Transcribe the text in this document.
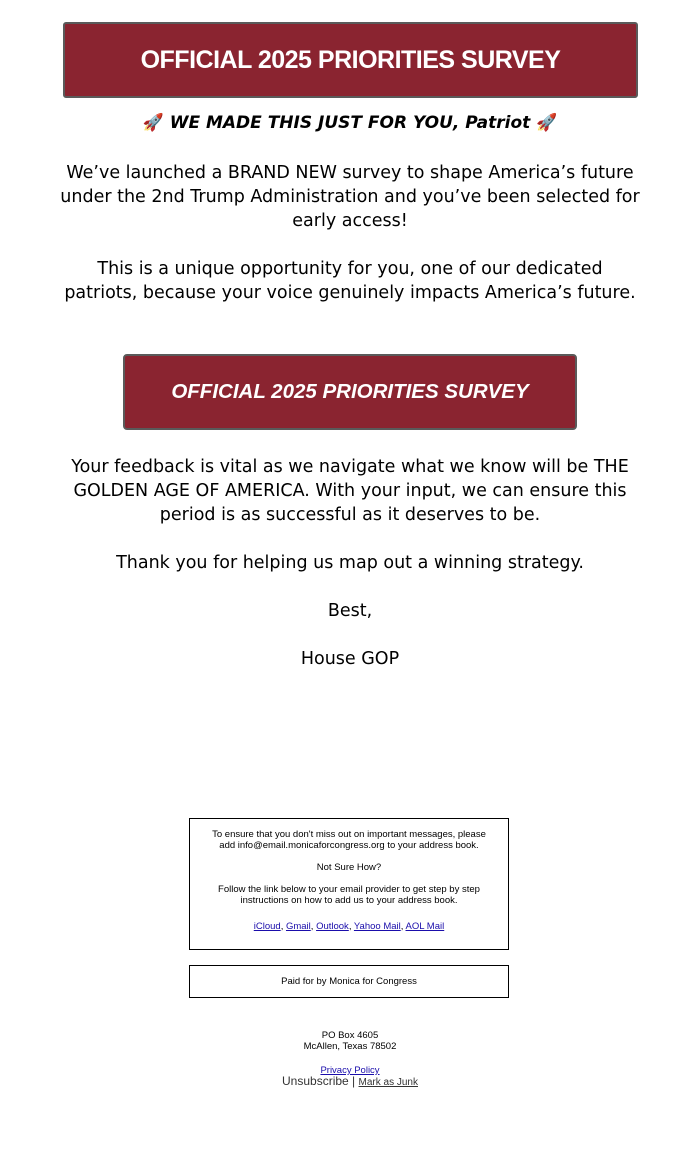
OFFICIAL 2025 PRIORITIES SURVEY
🚀 WE MADE THIS JUST FOR YOU, Patriot 🚀
We’ve launched a BRAND NEW survey to shape America’s future under the 2nd Trump Administration and you’ve been selected for early access!
This is a unique opportunity for you, one of our dedicated patriots, because your voice genuinely impacts America’s future.
OFFICIAL 2025 PRIORITIES SURVEY
Your feedback is vital as we navigate what we know will be THE GOLDEN AGE OF AMERICA. With your input, we can ensure this period is as successful as it deserves to be.
Thank you for helping us map out a winning strategy.
Best,
House GOP

To ensure that you don't miss out on important messages, please add info@email.monicaforcongress.org to your address book.

Not Sure How?

Follow the link below to your email provider to get step by step instructions on how to add us to your address book.

iCloud, Gmail, Outlook, Yahoo Mail, AOL Mail
Paid for by Monica for Congress
PO Box 4605
McAllen, Texas 78502
Privacy Policy
Unsubscribe | Mark as Junk
